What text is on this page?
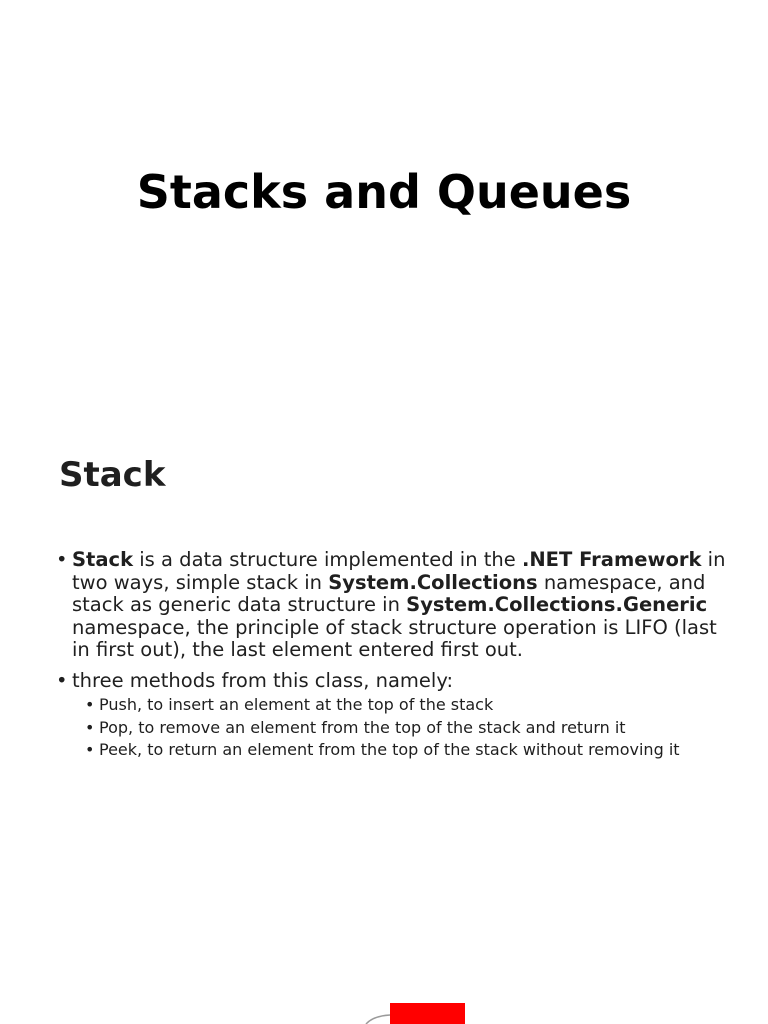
Stacks and Queues
Stack
• Stack is a data structure implemented in the .NET Framework in two ways, simple stack in System.Collections namespace, and stack as generic data structure in System.Collections.Generic namespace, the principle of stack structure operation is LIFO (last in first out), the last element entered first out.
• three methods from this class, namely:
• Push, to insert an element at the top of the stack
• Pop, to remove an element from the top of the stack and return it
• Peek, to return an element from the top of the stack without removing it
